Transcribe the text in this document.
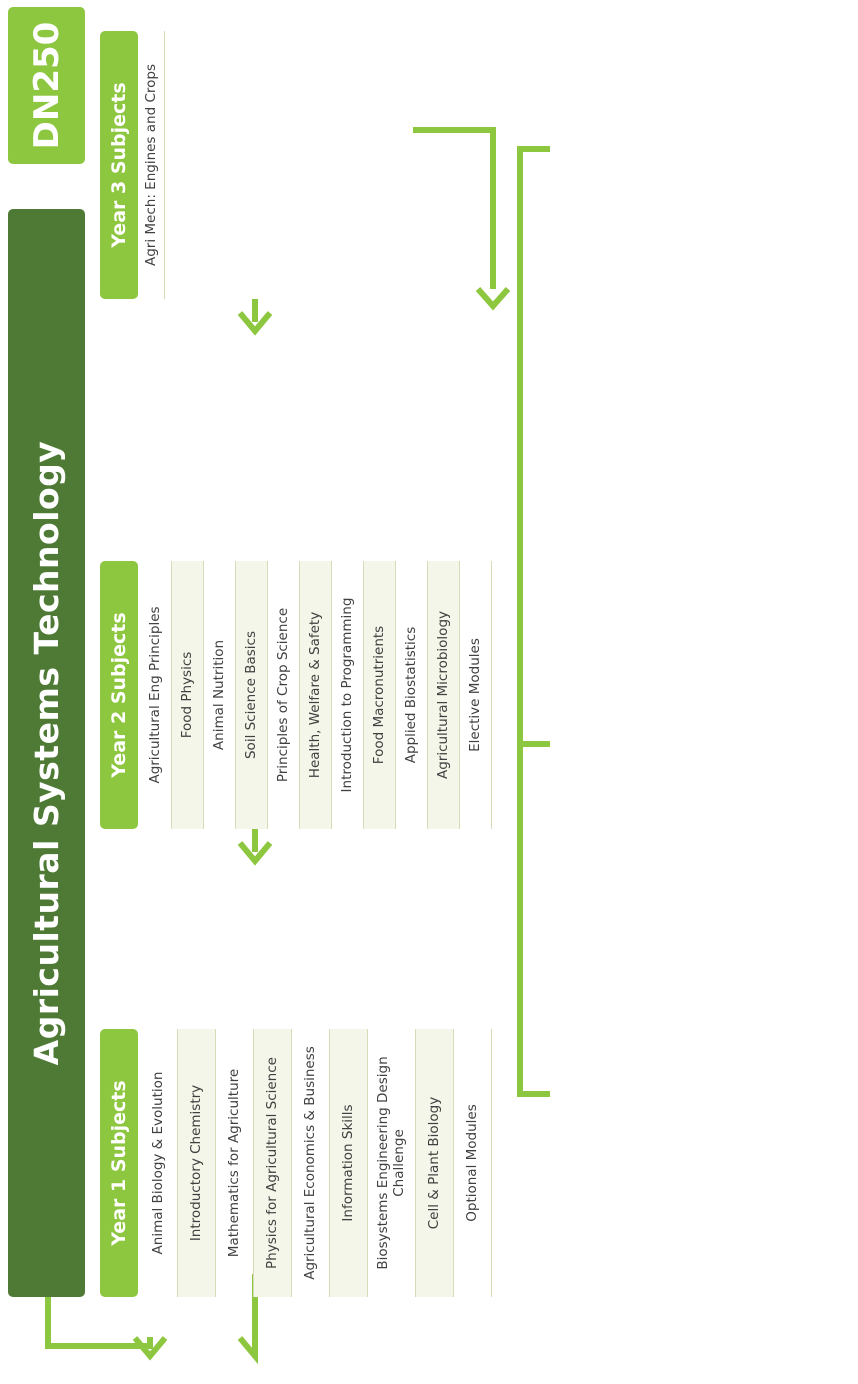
Agricultural Systems Technology
DN250
Year 1 Subjects Animal Biology & Evolution Introductory Chemistry Mathematics for Agriculture Physics for Agricultural Science Agricultural Economics & Business Information Skills Biosystems Engineering Design Challenge Cell & Plant Biology Optional Modules
Year 2 Subjects Agricultural Eng Principles Food Physics Animal Nutrition Soil Science Basics Principles of Crop Science Health, Welfare & Safety Introduction to Programming Food Macronutrients Applied Biostatistics Agricultural Microbiology Elective Modules
Year 3 Subjects Agri Mech: Engines and Crops
